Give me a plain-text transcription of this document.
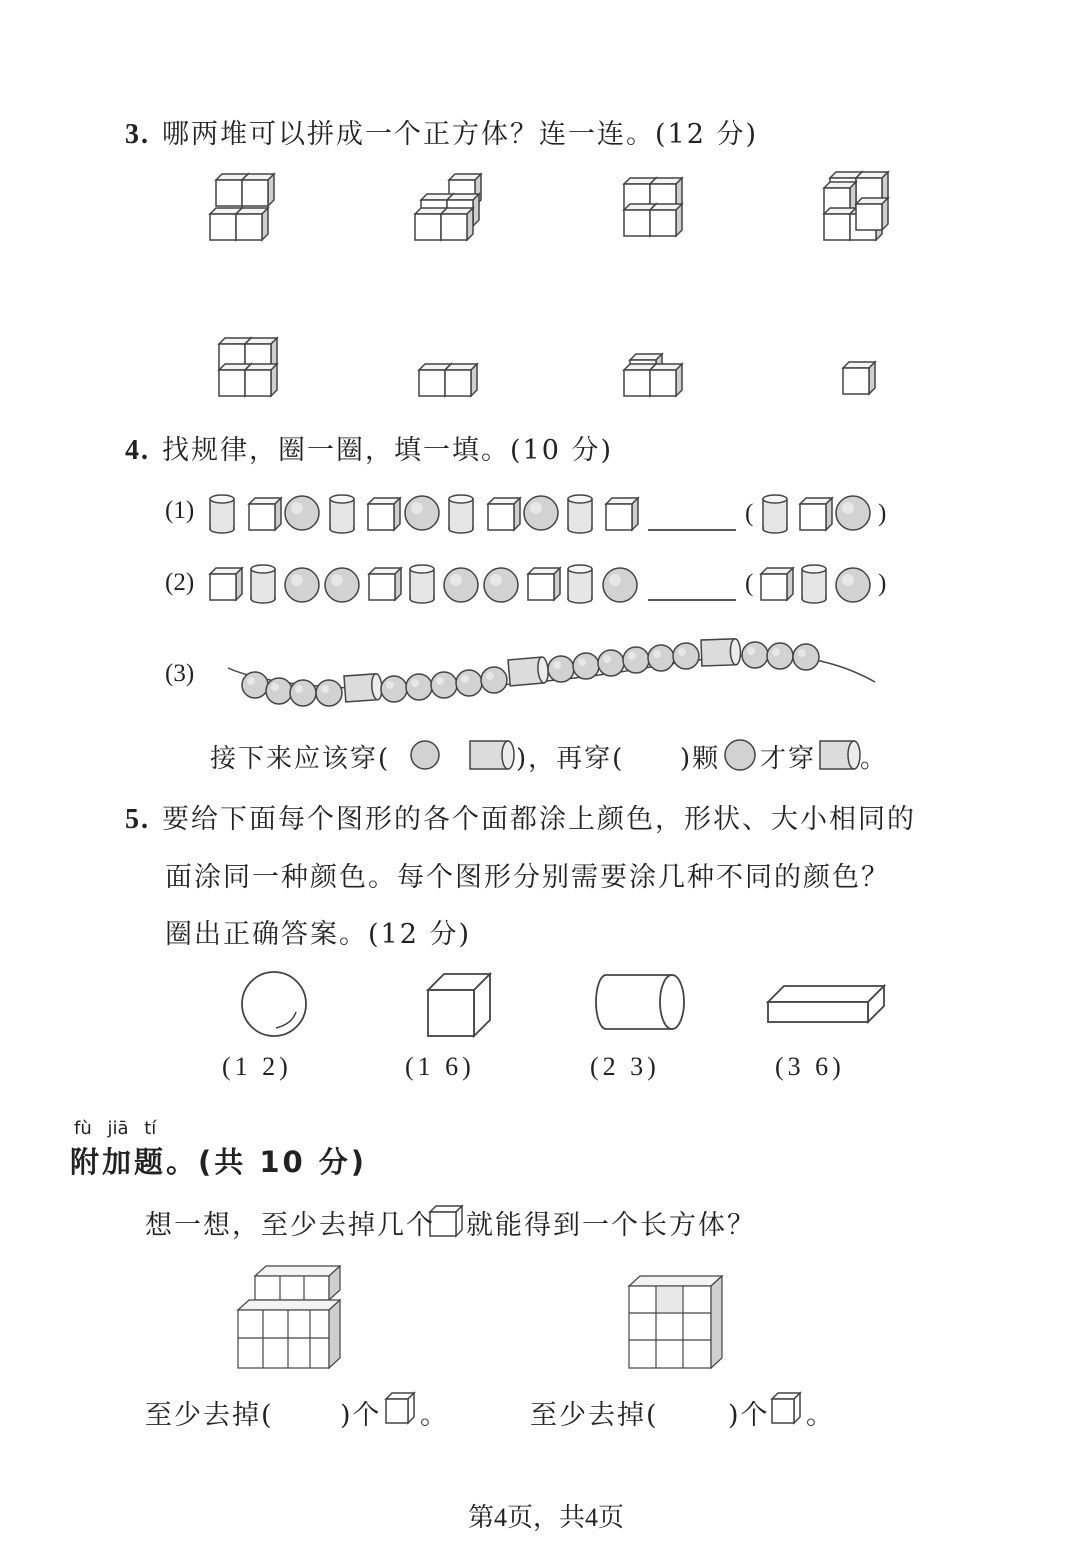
3. 哪两堆可以拼成一个正方体？连一连。(12 分)
4. 找规律，圈一圈，填一填。(10 分)
(1)	(	)
(2)	(	)
(3)
接下来应该穿(	)，再穿( )颗 才穿 。
5. 要给下面每个图形的各个面都涂上颜色，形状、大小相同的
面涂同一种颜色。每个图形分别需要涂几种不同的颜色？
圈出正确答案。(12 分)
(1 2)	(1 6)	(2 3)	(3 6)
fù jiā tí
附加题。(共 10 分)
想一想，至少去掉几个 就能得到一个长方体？
至少去掉( )个 。	至少去掉(	)个 。
第4页，共4页
